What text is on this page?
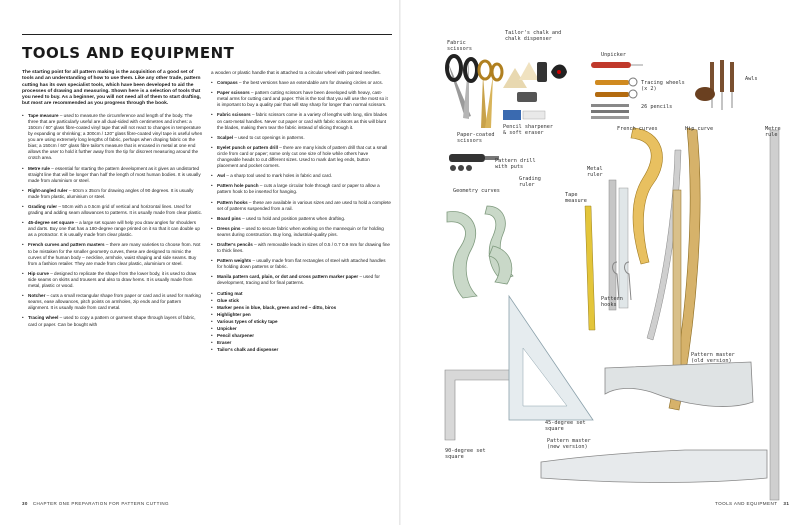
TOOLS AND EQUIPMENT

The starting point for all pattern making is the acquisition of a good set of tools and an understanding of how to use them. Like any other trade, pattern cutting has its own specialist tools, which have been developed to aid the processes of drawing and measuring. Shown here is a selection of tools that you need to buy. As a beginner, you will not need all of them to start drafting, but most are recommended as you progress through the book.

• Tape measure – used to measure the circumference and length of the body. The three that are particularly useful are all dual-sided with centimetres and inches: a 150cm / 60" glass fibre-coated vinyl tape that will not react to changes in temperature by expanding or shrinking; a 300cm / 120" glass fibre-coated vinyl tape is useful when you are using extremely long lengths of fabric, perhaps when draping fabric on the bias; a 150cm / 60" glass fibre tailor's measure that is encased in metal at one end allows the user to hold it further away from the tip for discreet measuring around the crotch area.

• Metre rule – essential for starting the pattern development as it gives an undistorted straight line that will be longer than half the length of most human bodies. It is usually made from aluminium or steel.

• Right-angled ruler – 60cm x 35cm for drawing angles of 90 degrees. It is usually made from plastic, aluminium or steel.

• Grading ruler – 50cm with a 0.5cm grid of vertical and horizontal lines. Used for grading and adding seam allowances to patterns. It is usually made from clear plastic.

• 45-degree set square – a large set square will help you draw angles for shoulders and darts. Buy one that has a 180-degree range printed on it so that it can double up as a protractor. It is usually made from clear plastic.

• French curves and pattern masters – there are many varieties to choose from. Not to be mistaken for the smaller geometry curves, these are designed to mimic the curves of the human body – neckline, armhole, waist shaping and side seams. Buy from a fashion retailer. They are made from clear plastic, aluminium or steel.

• Hip curve – designed to replicate the shape from the lower body, it is used to draw side seams on skirts and trousers and also to draw hems. It is usually made from metal, plastic or wood.

• Notcher – cuts a small rectangular shape from paper or card and is used for marking seams, ease allowances, pitch points on armholes, zip ends and for pattern alignment. It is usually made from card metal.

• Tracing wheel – used to copy a pattern or garment shape through layers of fabric, card or paper. Can be bought with

a wooden or plastic handle that is attached to a circular wheel with pointed needles.

• Compass – the best versions have an extendable arm for drawing circles or arcs.

• Paper scissors – pattern cutting scissors have been developed with heavy, cast-metal arms for cutting card and paper. This is the tool that you will use the most so it is important to buy a quality pair that will stay sharp for longer than normal scissors.

• Fabric scissors – fabric scissors come in a variety of lengths with long, slim blades on cast-metal handles. Never cut paper or card with fabric scissors as this will blunt the blades, making them tear the fabric instead of slicing through it.

• Scalpel – used to cut openings in patterns.

• Eyelet punch or pattern drill – there are many kinds of pattern drill that cut a small circle from card or paper; some only cut one size of hole while others have changeable heads to cut different sizes. Used to mark dart leg ends, button placement and pocket corners.

• Awl – a sharp tool used to mark holes in fabric and card.

• Pattern hole punch – cuts a large circular hole through card or paper to allow a pattern hook to be inserted for hanging.

• Pattern hooks – these are available in various sizes and are used to hold a complete set of patterns suspended from a rail.

• Board pins – used to hold and position patterns when drafting.

• Dress pins – used to secure fabric when working on the mannequin or for holding seams during construction. Buy long, industrial-quality pins.

• Drafter's pencils – with removable leads in sizes of 0.5 / 0.7 0.9 mm for drawing fine to thick lines.

• Pattern weights – usually made from flat rectangles of steel with attached handles for holding down patterns or fabric.

• Manila pattern card, plain, or dot and cross pattern marker paper – used for development, tracing and for final patterns.

• Cutting mat

• Glue stick

• Marker pens in blue, black, green and red – ditto, biros

• Highlighter pen

• Various types of sticky tape

• Unpicker

• Pencil sharpener

• Eraser

• Tailor's chalk and dispenser

30 CHAPTER ONE PREPARATION FOR PATTERN CUTTING
Fabric
scissors
Tailor's chalk and
chalk dispenser
Unpicker
Tracing wheels
(x 2)
Awls
26 pencils
Pencil sharpener
& soft eraser
Paper-coated
scissors
French curves	Hip curve	Metre
rule
Pattern drill
with puts	Metal
ruler
Grading
ruler
Tape
measure
Geometry curves
Pattern
hooks
Pattern master
(old version)
45-degree set
square
90-degree set
square
Pattern master
(new version)
TOOLS AND EQUIPMENT 31
